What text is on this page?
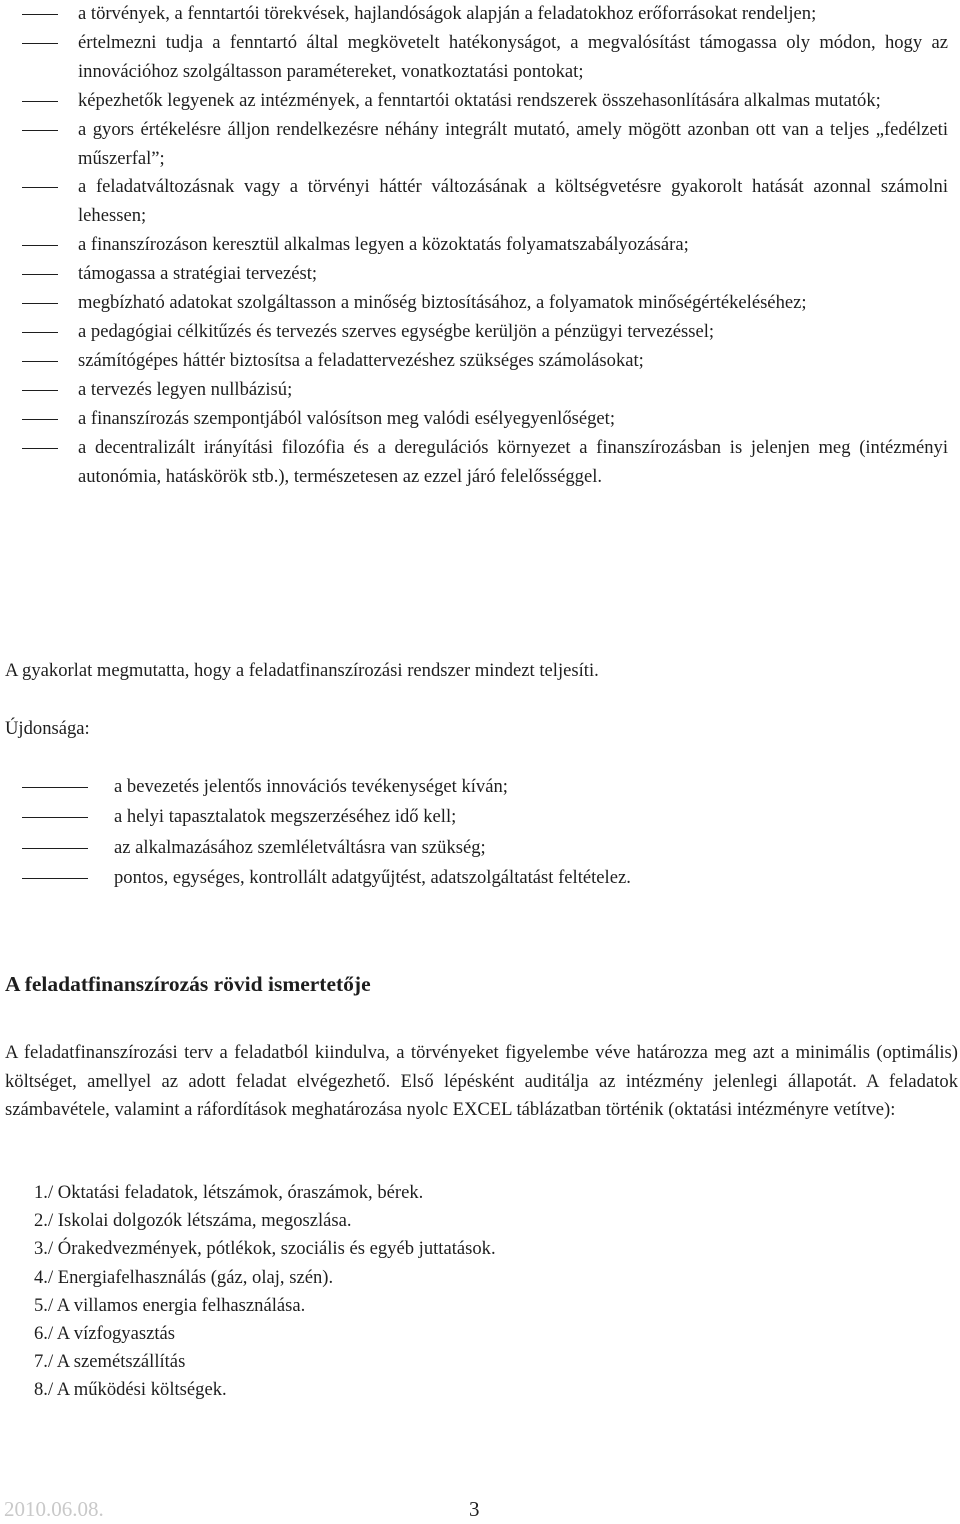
a törvények, a fenntartói törekvések, hajlandóságok alapján a feladatokhoz erőforrásokat rendeljen;
értelmezni tudja a fenntartó által megkövetelt hatékonyságot, a megvalósítást támogassa oly módon, hogy az innovációhoz szolgáltasson paramétereket, vonatkoztatási pontokat;
képezhetők legyenek az intézmények, a fenntartói oktatási rendszerek összehasonlítására alkalmas mutatók;
a gyors értékelésre álljon rendelkezésre néhány integrált mutató, amely mögött azonban ott van a teljes „fedélzeti műszerfal”;
a feladatváltozásnak vagy a törvényi háttér változásának a költségvetésre gyakorolt hatását azonnal számolni lehessen;
a finanszírozáson keresztül alkalmas legyen a közoktatás folyamatszabályozására;
támogassa a stratégiai tervezést;
megbízható adatokat szolgáltasson a minőség biztosításához, a folyamatok minőségértékeléséhez;
a pedagógiai célkitűzés és tervezés szerves egységbe kerüljön a pénzügyi tervezéssel;
számítógépes háttér biztosítsa a feladattervezéshez szükséges számolásokat;
a tervezés legyen nullbázisú;
a finanszírozás szempontjából valósítson meg valódi esélyegyenlőséget;
a decentralizált irányítási filozófia és a deregulációs környezet a finanszírozásban is jelenjen meg (intézményi autonómia, hatáskörök stb.), természetesen az ezzel járó felelősséggel.

A gyakorlat megmutatta, hogy a feladatfinanszírozási rendszer mindezt teljesíti.

Újdonsága:

a bevezetés jelentős innovációs tevékenységet kíván;
a helyi tapasztalatok megszerzéséhez idő kell;
az alkalmazásához szemléletváltásra van szükség;
pontos, egységes, kontrollált adatgyűjtést, adatszolgáltatást feltételez.
A feladatfinanszírozás rövid ismertetője

A feladatfinanszírozási terv a feladatból kiindulva, a törvényeket figyelembe véve határozza meg azt a minimális (optimális) költséget, amellyel az adott feladat elvégezhető. Első lépésként auditálja az intézmény jelenlegi állapotát. A feladatok számbavétele, valamint a ráfordítások meghatározása nyolc EXCEL táblázatban történik (oktatási intézményre vetítve):

1./ Oktatási feladatok, létszámok, óraszámok, bérek.
2./ Iskolai dolgozók létszáma, megoszlása.
3./ Órakedvezmények, pótlékok, szociális és egyéb juttatások.
4./ Energiafelhasználás (gáz, olaj, szén).
5./ A villamos energia felhasználása.
6./ A vízfogyasztás
7./ A szemétszállítás
8./ A működési költségek.
2010.06.08.	3
